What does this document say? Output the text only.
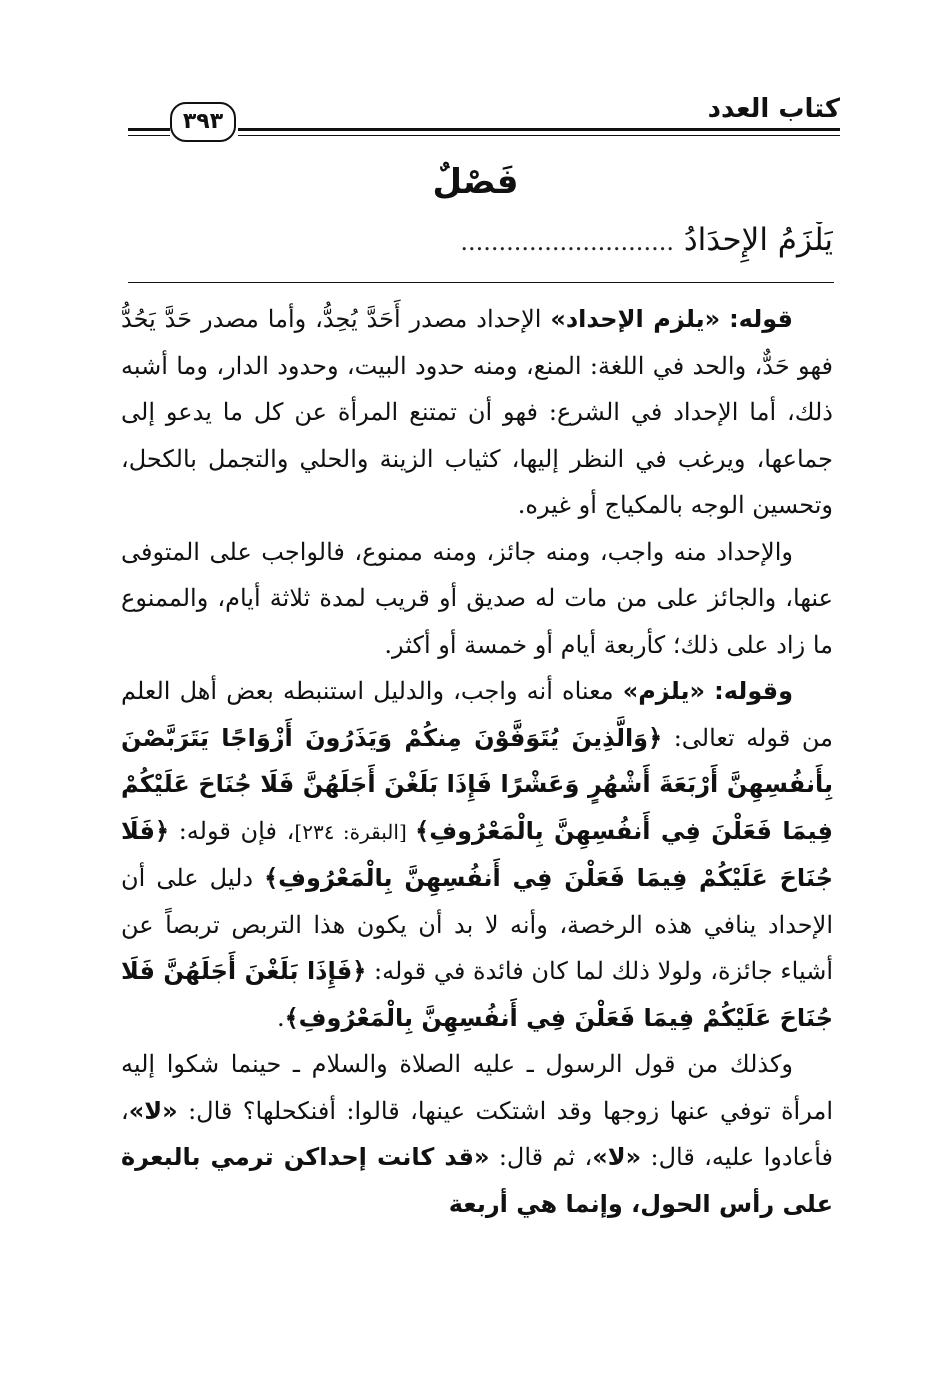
كتاب العدد
٣٩٣
فَصْلٌ
يَلْزَمُ الإِحدَادُ ............................

قوله: «يلزم الإحداد» الإحداد مصدر أَحَدَّ يُحِدُّ، وأما مصدر حَدَّ يَحُدُّ فهو حَدٌّ، والحد في اللغة: المنع، ومنه حدود البيت، وحدود الدار، وما أشبه ذلك، أما الإحداد في الشرع: فهو أن تمتنع المرأة عن كل ما يدعو إلى جماعها، ويرغب في النظر إليها، كثياب الزينة والحلي والتجمل بالكحل، وتحسين الوجه بالمكياج أو غيره.

والإحداد منه واجب، ومنه جائز، ومنه ممنوع، فالواجب على المتوفى عنها، والجائز على من مات له صديق أو قريب لمدة ثلاثة أيام، والممنوع ما زاد على ذلك؛ كأربعة أيام أو خمسة أو أكثر.

وقوله: «يلزم» معناه أنه واجب، والدليل استنبطه بعض أهل العلم من قوله تعالى: ﴿وَالَّذِينَ يُتَوَفَّوْنَ مِنكُمْ وَيَذَرُونَ أَزْوَاجًا يَتَرَبَّصْنَ بِأَنفُسِهِنَّ أَرْبَعَةَ أَشْهُرٍ وَعَشْرًا فَإِذَا بَلَغْنَ أَجَلَهُنَّ فَلَا جُنَاحَ عَلَيْكُمْ فِيمَا فَعَلْنَ فِي أَنفُسِهِنَّ بِالْمَعْرُوفِ﴾ [البقرة: ٢٣٤]، فإن قوله: ﴿فَلَا جُنَاحَ عَلَيْكُمْ فِيمَا فَعَلْنَ فِي أَنفُسِهِنَّ بِالْمَعْرُوفِ﴾ دليل على أن الإحداد ينافي هذه الرخصة، وأنه لا بد أن يكون هذا التربص تربصاً عن أشياء جائزة، ولولا ذلك لما كان فائدة في قوله: ﴿فَإِذَا بَلَغْنَ أَجَلَهُنَّ فَلَا جُنَاحَ عَلَيْكُمْ فِيمَا فَعَلْنَ فِي أَنفُسِهِنَّ بِالْمَعْرُوفِ﴾.

وكذلك من قول الرسول ـ عليه الصلاة والسلام ـ حينما شكوا إليه امرأة توفي عنها زوجها وقد اشتكت عينها، قالوا: أفنكحلها؟ قال: «لا»، فأعادوا عليه، قال: «لا»، ثم قال: «قد كانت إحداكن ترمي بالبعرة على رأس الحول، وإنما هي أربعة
